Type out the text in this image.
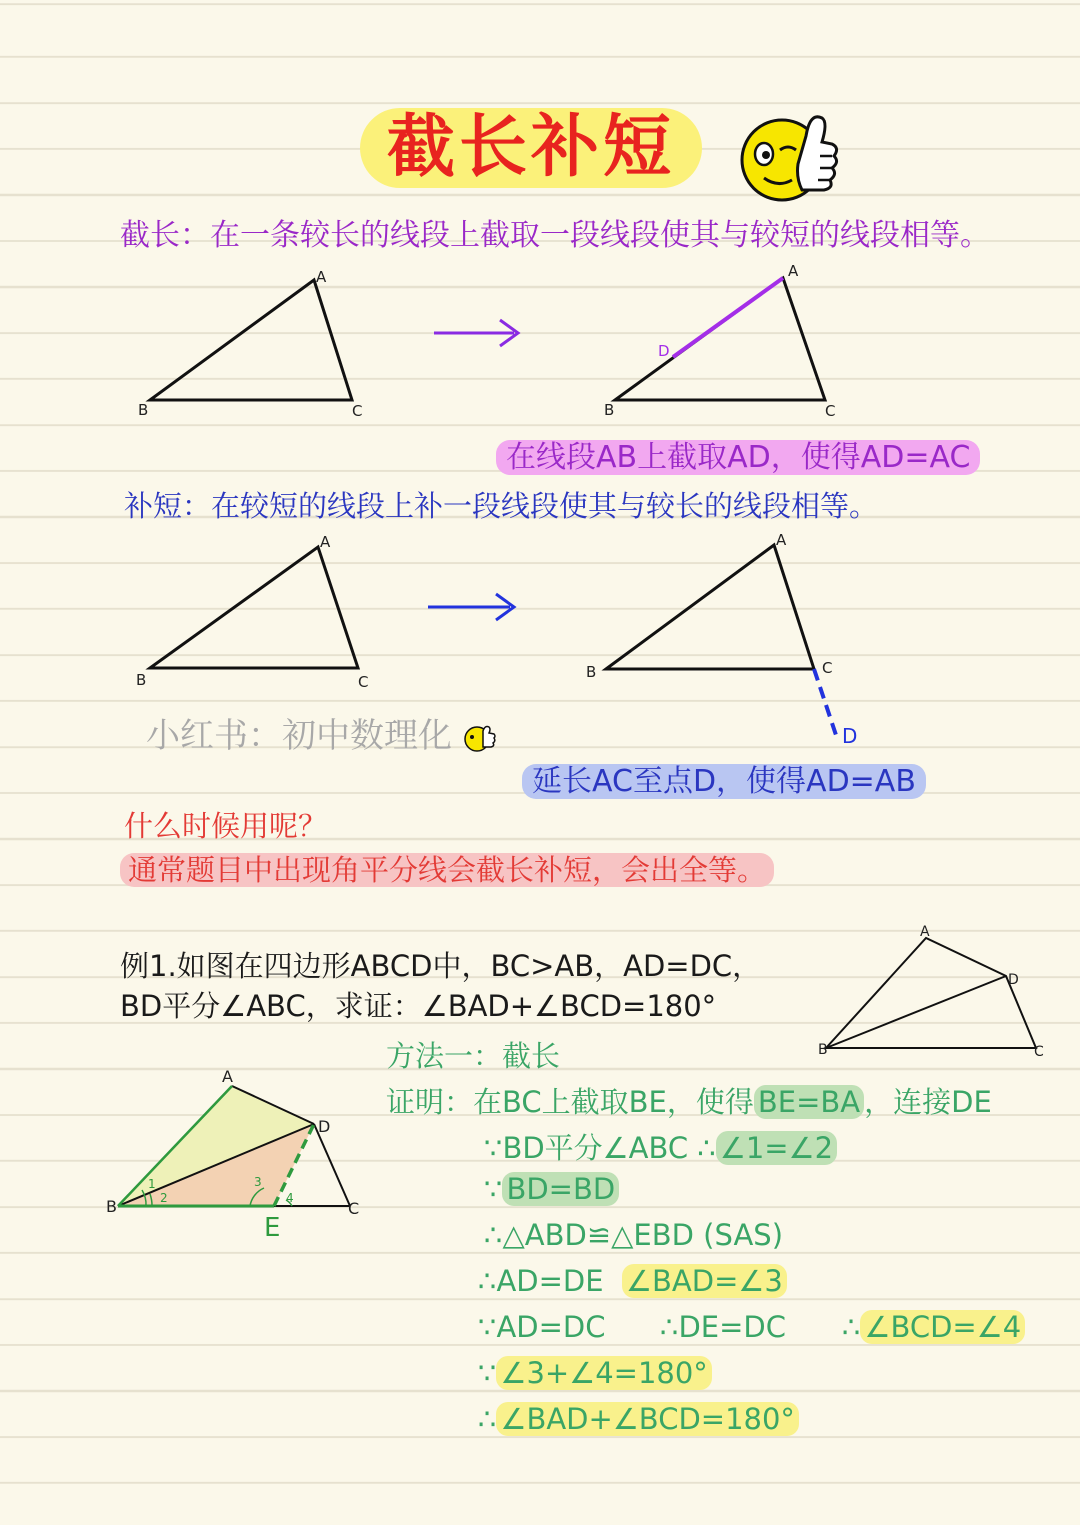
截长补短
截长：在一条较长的线段上截取一段线段使其与较短的线段相等。
A
B	C
A
D
B	C
在线段AB上截取AD，使得AD=AC
补短：在较短的线段上补一段线段使其与较长的线段相等。
A
B	C
A
B	C
D
小红书：初中数理化
延长AC至点D，使得AD=AB
什么时候用呢？
通常题目中出现角平分线会截长补短，会出全等。
例1.如图在四边形ABCD中，BC>AB，AD=DC，
BD平分∠ABC，求证：∠BAD+∠BCD=180°
A
B	C
D
1
2
3
4
A
B	C
D
E
方法一：截长
证明：在BC上截取BE，使得 BE=BA ，连接DE
∵BD平分∠ABC ∴ ∠1=∠2
∵ BD=BD
∴△ABD≌△EBD (SAS)
∴AD=DE ∠BAD=∠3
∵AD=DC ∴DE=DC ∴ ∠BCD=∠4
∵ ∠3+∠4=180°
∴ ∠BAD+∠BCD=180°
